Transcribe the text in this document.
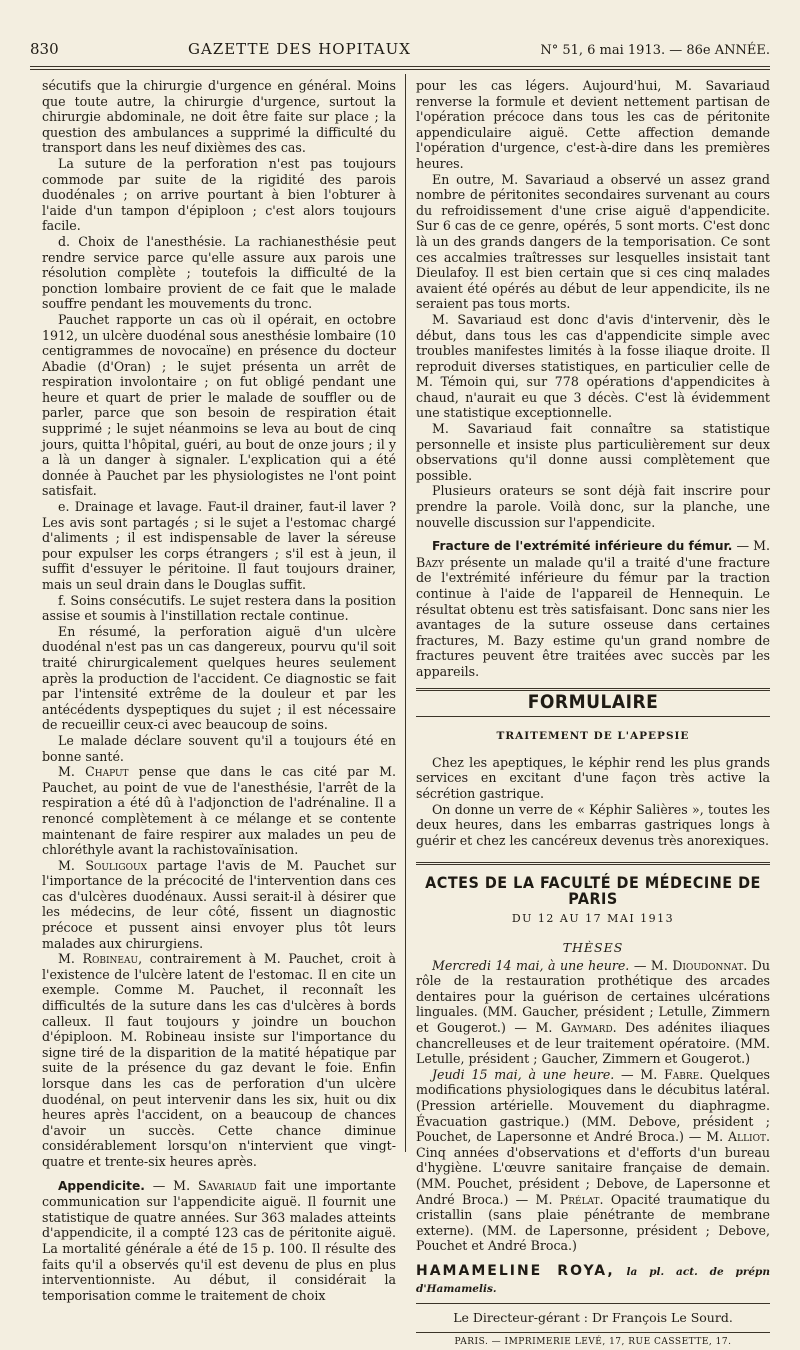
830	GAZETTE DES HOPITAUX	N° 51, 6 mai 1913. — 86e ANNÉE.

sécutifs que la chirurgie d'urgence en général. Moins que toute autre, la chirurgie d'urgence, surtout la chirurgie abdominale, ne doit être faite sur place ; la question des ambulances a supprimé la difficulté du transport dans les neuf dixièmes des cas.

La suture de la perforation n'est pas toujours commode par suite de la rigidité des parois duodénales ; on arrive pourtant à bien l'obturer à l'aide d'un tampon d'épiploon ; c'est alors toujours facile.

d. Choix de l'anesthésie. La rachianesthésie peut rendre service parce qu'elle assure aux parois une résolution complète ; toutefois la difficulté de la ponction lombaire provient de ce fait que le malade souffre pendant les mouvements du tronc.

Pauchet rapporte un cas où il opérait, en octobre 1912, un ulcère duodénal sous anesthésie lombaire (10 centigrammes de novocaïne) en présence du docteur Abadie (d'Oran) ; le sujet présenta un arrêt de respiration involontaire ; on fut obligé pendant une heure et quart de prier le malade de souffler ou de parler, parce que son besoin de respiration était supprimé ; le sujet néanmoins se leva au bout de cinq jours, quitta l'hôpital, guéri, au bout de onze jours ; il y a là un danger à signaler. L'explication qui a été donnée à Pauchet par les physiologistes ne l'ont point satisfait.

e. Drainage et lavage. Faut-il drainer, faut-il laver ? Les avis sont partagés ; si le sujet a l'estomac chargé d'aliments ; il est indispensable de laver la séreuse pour expulser les corps étrangers ; s'il est à jeun, il suffit d'essuyer le péritoine. Il faut toujours drainer, mais un seul drain dans le Douglas suffit.

f. Soins consécutifs. Le sujet restera dans la position assise et soumis à l'instillation rectale continue.

En résumé, la perforation aiguë d'un ulcère duodénal n'est pas un cas dangereux, pourvu qu'il soit traité chirurgicalement quelques heures seulement après la production de l'accident. Ce diagnostic se fait par l'intensité extrême de la douleur et par les antécédents dyspeptiques du sujet ; il est nécessaire de recueillir ceux-ci avec beaucoup de soins.

Le malade déclare souvent qu'il a toujours été en bonne santé.

M. Chaput pense que dans le cas cité par M. Pauchet, au point de vue de l'anesthésie, l'arrêt de la respiration a été dû à l'adjonction de l'adrénaline. Il a renoncé complètement à ce mélange et se contente maintenant de faire respirer aux malades un peu de chloréthyle avant la rachistovaïnisation.

M. Souligoux partage l'avis de M. Pauchet sur l'importance de la précocité de l'intervention dans ces cas d'ulcères duodénaux. Aussi serait-il à désirer que les médecins, de leur côté, fissent un diagnostic précoce et pussent ainsi envoyer plus tôt leurs malades aux chirurgiens.

M. Robineau, contrairement à M. Pauchet, croit à l'existence de l'ulcère latent de l'estomac. Il en cite un exemple. Comme M. Pauchet, il reconnaît les difficultés de la suture dans les cas d'ulcères à bords calleux. Il faut toujours y joindre un bouchon d'épiploon. M. Robineau insiste sur l'importance du signe tiré de la disparition de la matité hépatique par suite de la présence du gaz devant le foie. Enfin lorsque dans les cas de perforation d'un ulcère duodénal, on peut intervenir dans les six, huit ou dix heures après l'accident, on a beaucoup de chances d'avoir un succès. Cette chance diminue considérablement lorsqu'on n'intervient que vingt-quatre et trente-six heures après.

Appendicite. — M. Savariaud fait une importante communication sur l'appendicite aiguë. Il fournit une statistique de quatre années. Sur 363 malades atteints d'appendicite, il a compté 123 cas de péritonite aiguë. La mortalité générale a été de 15 p. 100. Il résulte des faits qu'il a observés qu'il est devenu de plus en plus interventionniste. Au début, il considérait la temporisation comme le traitement de choix

pour les cas légers. Aujourd'hui, M. Savariaud renverse la formule et devient nettement partisan de l'opération précoce dans tous les cas de péritonite appendiculaire aiguë. Cette affection demande l'opération d'urgence, c'est-à-dire dans les premières heures.

En outre, M. Savariaud a observé un assez grand nombre de péritonites secondaires survenant au cours du refroidissement d'une crise aiguë d'appendicite. Sur 6 cas de ce genre, opérés, 5 sont morts. C'est donc là un des grands dangers de la temporisation. Ce sont ces accalmies traîtresses sur lesquelles insistait tant Dieulafoy. Il est bien certain que si ces cinq malades avaient été opérés au début de leur appendicite, ils ne seraient pas tous morts.

M. Savariaud est donc d'avis d'intervenir, dès le début, dans tous les cas d'appendicite simple avec troubles manifestes limités à la fosse iliaque droite. Il reproduit diverses statistiques, en particulier celle de M. Témoin qui, sur 778 opérations d'appendicites à chaud, n'aurait eu que 3 décès. C'est là évidemment une statistique exceptionnelle.

M. Savariaud fait connaître sa statistique personnelle et insiste plus particulièrement sur deux observations qu'il donne aussi complètement que possible.

Plusieurs orateurs se sont déjà fait inscrire pour prendre la parole. Voilà donc, sur la planche, une nouvelle discussion sur l'appendicite.

Fracture de l'extrémité inférieure du fémur. — M. Bazy présente un malade qu'il a traité d'une fracture de l'extrémité inférieure du fémur par la traction continue à l'aide de l'appareil de Hennequin. Le résultat obtenu est très satisfaisant. Donc sans nier les avantages de la suture osseuse dans certaines fractures, M. Bazy estime qu'un grand nombre de fractures peuvent être traitées avec succès par les appareils.

FORMULAIRE
TRAITEMENT DE L'APEPSIE

Chez les apeptiques, le képhir rend les plus grands services en excitant d'une façon très active la sécrétion gastrique.

On donne un verre de « Képhir Salières », toutes les deux heures, dans les embarras gastriques longs à guérir et chez les cancéreux devenus très anorexiques.

ACTES DE LA FACULTÉ DE MÉDECINE DE PARIS
DU 12 AU 17 MAI 1913
THÈSES

Mercredi 14 mai, à une heure. — M. Dioudonnat. Du rôle de la restauration prothétique des arcades dentaires pour la guérison de certaines ulcérations linguales. (MM. Gaucher, président ; Letulle, Zimmern et Gougerot.) — M. Gaymard. Des adénites iliaques chancrelleuses et de leur traitement opératoire. (MM. Letulle, président ; Gaucher, Zimmern et Gougerot.)

Jeudi 15 mai, à une heure. — M. Fabre. Quelques modifications physiologiques dans le décubitus latéral. (Pression artérielle. Mouvement du diaphragme. Évacuation gastrique.) (MM. Debove, président ; Pouchet, de Lapersonne et André Broca.) — M. Alliot. Cinq années d'observations et d'efforts d'un bureau d'hygiène. L'œuvre sanitaire française de demain. (MM. Pouchet, président ; Debove, de Lapersonne et André Broca.) — M. Prélat. Opacité traumatique du cristallin (sans plaie pénétrante de membrane externe). (MM. de Lapersonne, président ; Debove, Pouchet et André Broca.)

HAMAMELINE ROYA, la pl. act. de prépn d'Hamamelis.
Le Directeur-gérant : Dr François Le Sourd.
PARIS. — IMPRIMERIE LEVÉ, 17, RUE CASSETTE, 17.
